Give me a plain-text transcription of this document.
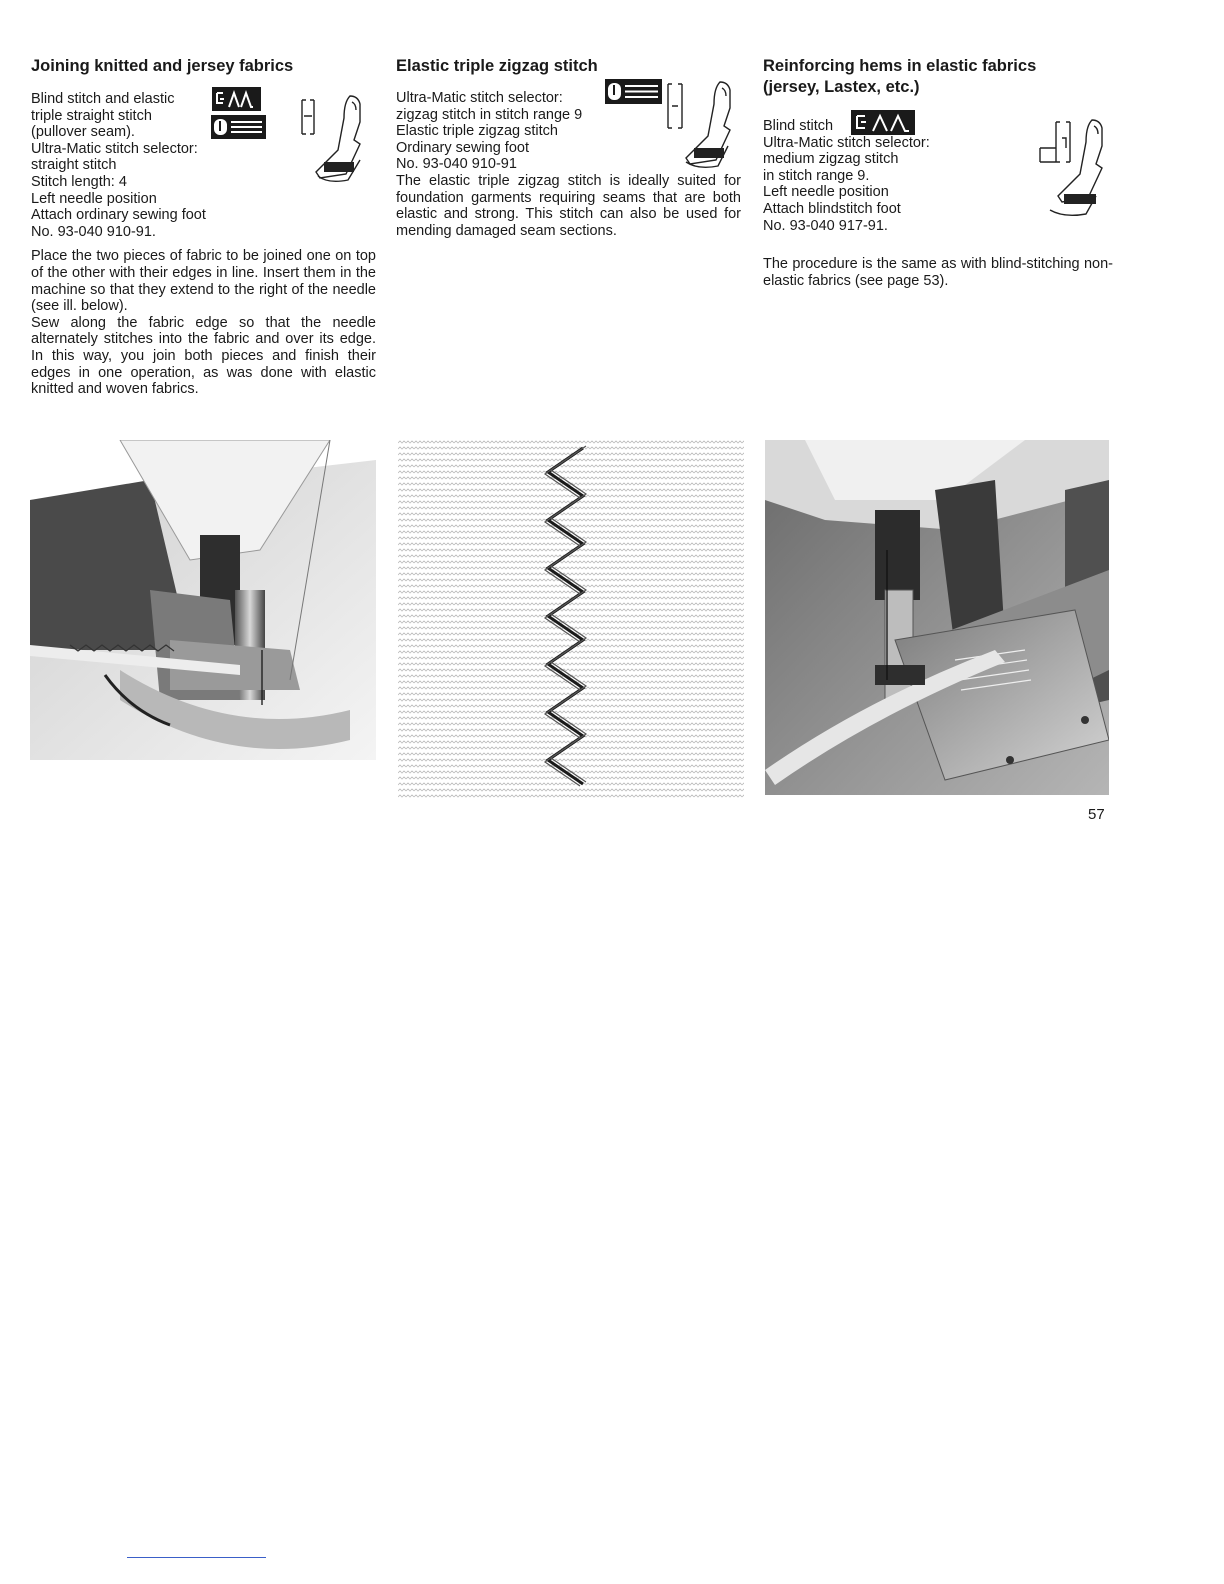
Joining knitted and jersey fabrics
Blind stitch and elastic
triple straight stitch
(pullover seam).
Ultra-Matic stitch selector:
straight stitch
Stitch length: 4
Left needle position
Attach ordinary sewing foot
No. 93-040 910-91.

Place the two pieces of fabric to be joined one on top of the other with their edges in line. Insert them in the machine so that they extend to the right of the needle (see ill. below).

Sew along the fabric edge so that the needle alternately stitches into the fabric and over its edge. In this way, you join both pieces and finish their edges in one operation, as was done with elastic knitted and woven fabrics.

Elastic triple zigzag stitch
Ultra-Matic stitch selector:
zigzag stitch in stitch range 9
Elastic triple zigzag stitch
Ordinary sewing foot
No. 93-040 910-91

The elastic triple zigzag stitch is ideally suited for foundation garments requiring seams that are both elastic and strong. This stitch can also be used for mending damaged seam sections.

Reinforcing hems in elastic fabrics (jersey, Lastex, etc.)
Blind stitch
Ultra-Matic stitch selector:
medium zigzag stitch
in stitch range 9.
Left needle position
Attach blindstitch foot
No. 93-040 917-91.

The procedure is the same as with blind-stitching non-elastic fabrics (see page 53).

57
